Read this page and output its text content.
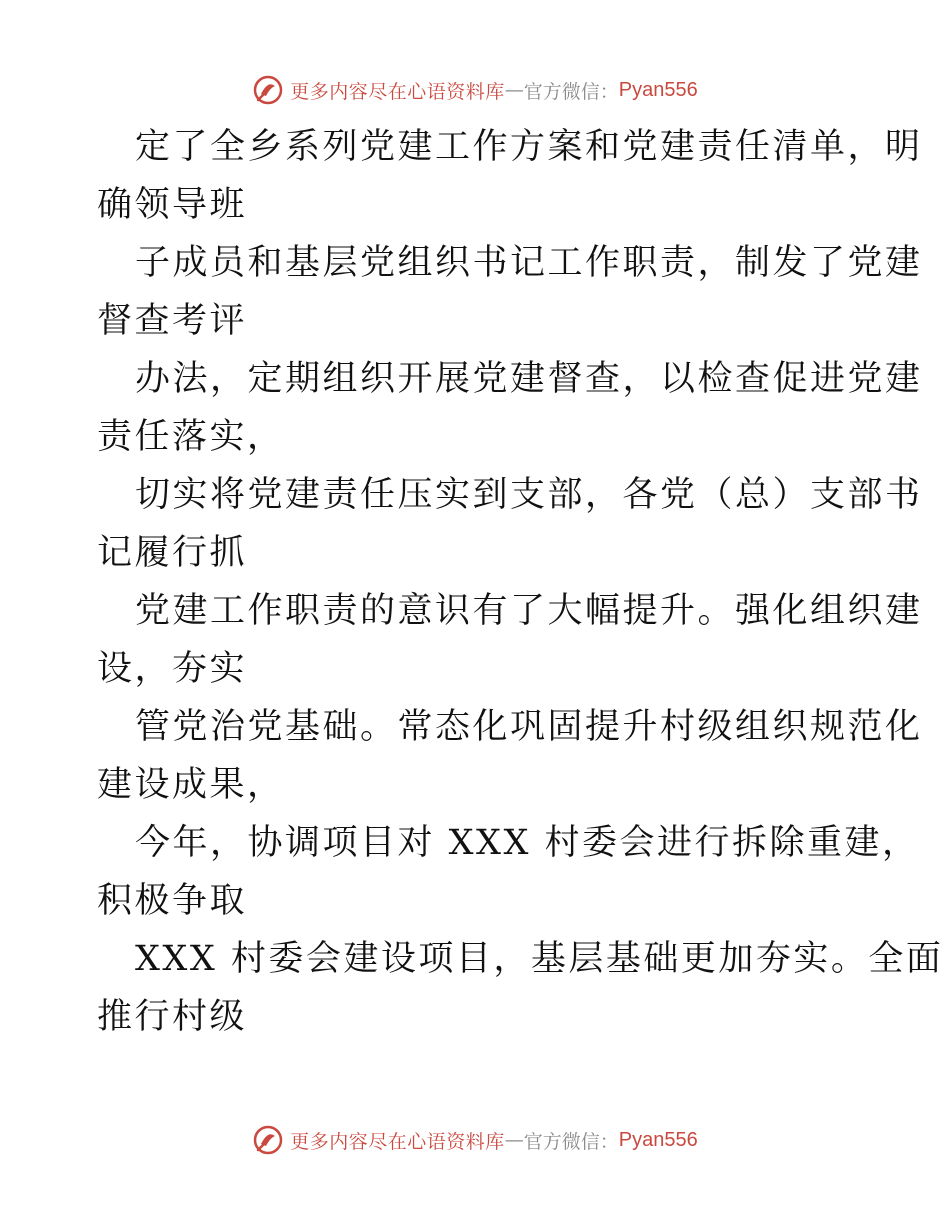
更多内容尽在心语资料库 — 官方微信： Pyan556

定了全乡系列党建工作方案和党建责任清单，明
确领导班

子成员和基层党组织书记工作职责，制发了党建
督查考评

办法，定期组织开展党建督查，以检查促进党建
责任落实，

切实将党建责任压实到支部，各党（总）支部书
记履行抓

党建工作职责的意识有了大幅提升。强化组织建
设，夯实

管党治党基础。常态化巩固提升村级组织规范化
建设成果，

今年，协调项目对 XXX 村委会进行拆除重建，
积极争取

XXX 村委会建设项目，基层基础更加夯实。全面
推行村级

更多内容尽在心语资料库 — 官方微信： Pyan556
